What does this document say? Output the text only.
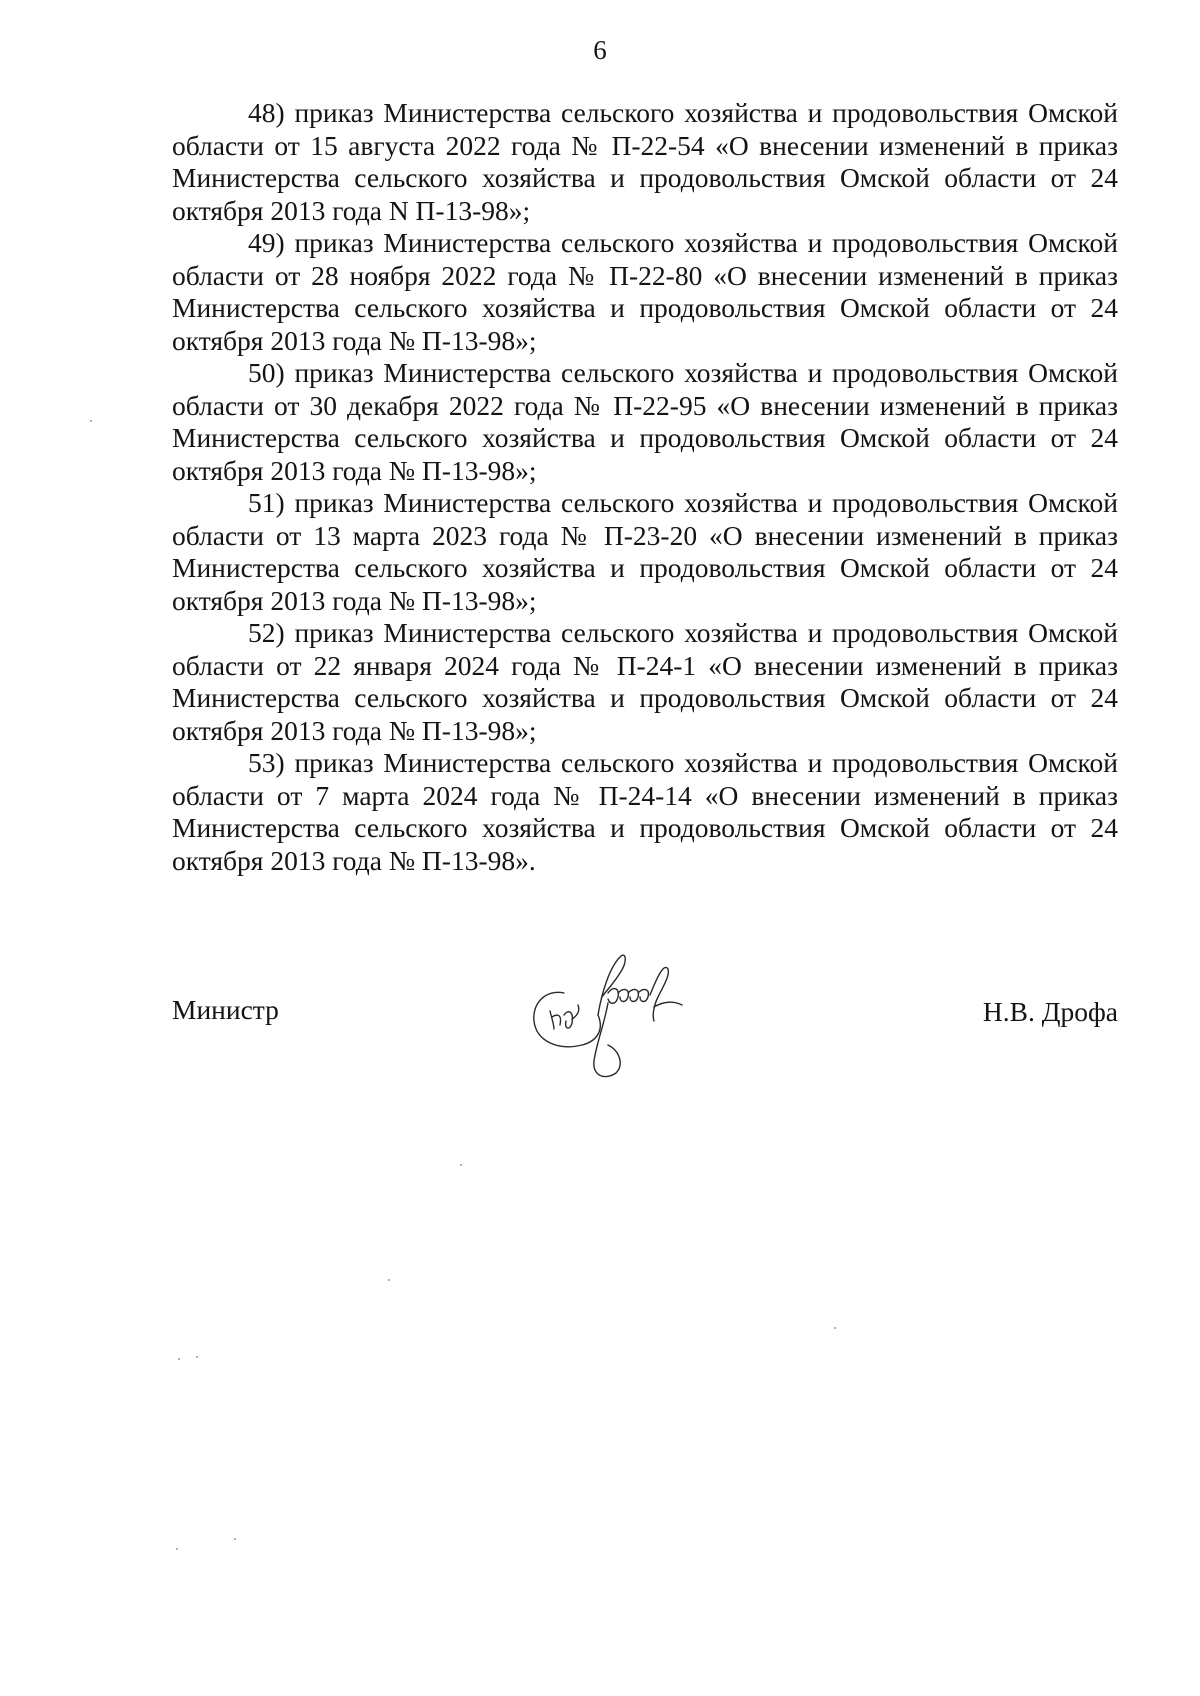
6

48) приказ Министерства сельского хозяйства и продовольствия Омской области от 15 августа 2022 года № П-22-54 «О внесении изменений в приказ Министерства сельского хозяйства и продовольствия Омской области от 24 октября 2013 года N П-13-98»;

49) приказ Министерства сельского хозяйства и продовольствия Омской области от 28 ноября 2022 года № П-22-80 «О внесении изменений в приказ Министерства сельского хозяйства и продовольствия Омской области от 24 октября 2013 года № П-13-98»;

50) приказ Министерства сельского хозяйства и продовольствия Омской области от 30 декабря 2022 года № П-22-95 «О внесении изменений в приказ Министерства сельского хозяйства и продовольствия Омской области от 24 октября 2013 года № П-13-98»;

51) приказ Министерства сельского хозяйства и продовольствия Омской области от 13 марта 2023 года № П-23-20 «О внесении изменений в приказ Министерства сельского хозяйства и продовольствия Омской области от 24 октября 2013 года № П-13-98»;

52) приказ Министерства сельского хозяйства и продовольствия Омской области от 22 января 2024 года № П-24-1 «О внесении изменений в приказ Министерства сельского хозяйства и продовольствия Омской области от 24 октября 2013 года № П-13-98»;

53) приказ Министерства сельского хозяйства и продовольствия Омской области от 7 марта 2024 года № П-24-14 «О внесении изменений в приказ Министерства сельского хозяйства и продовольствия Омской области от 24 октября 2013 года № П-13-98».

Министр	Н.В. Дрофа
